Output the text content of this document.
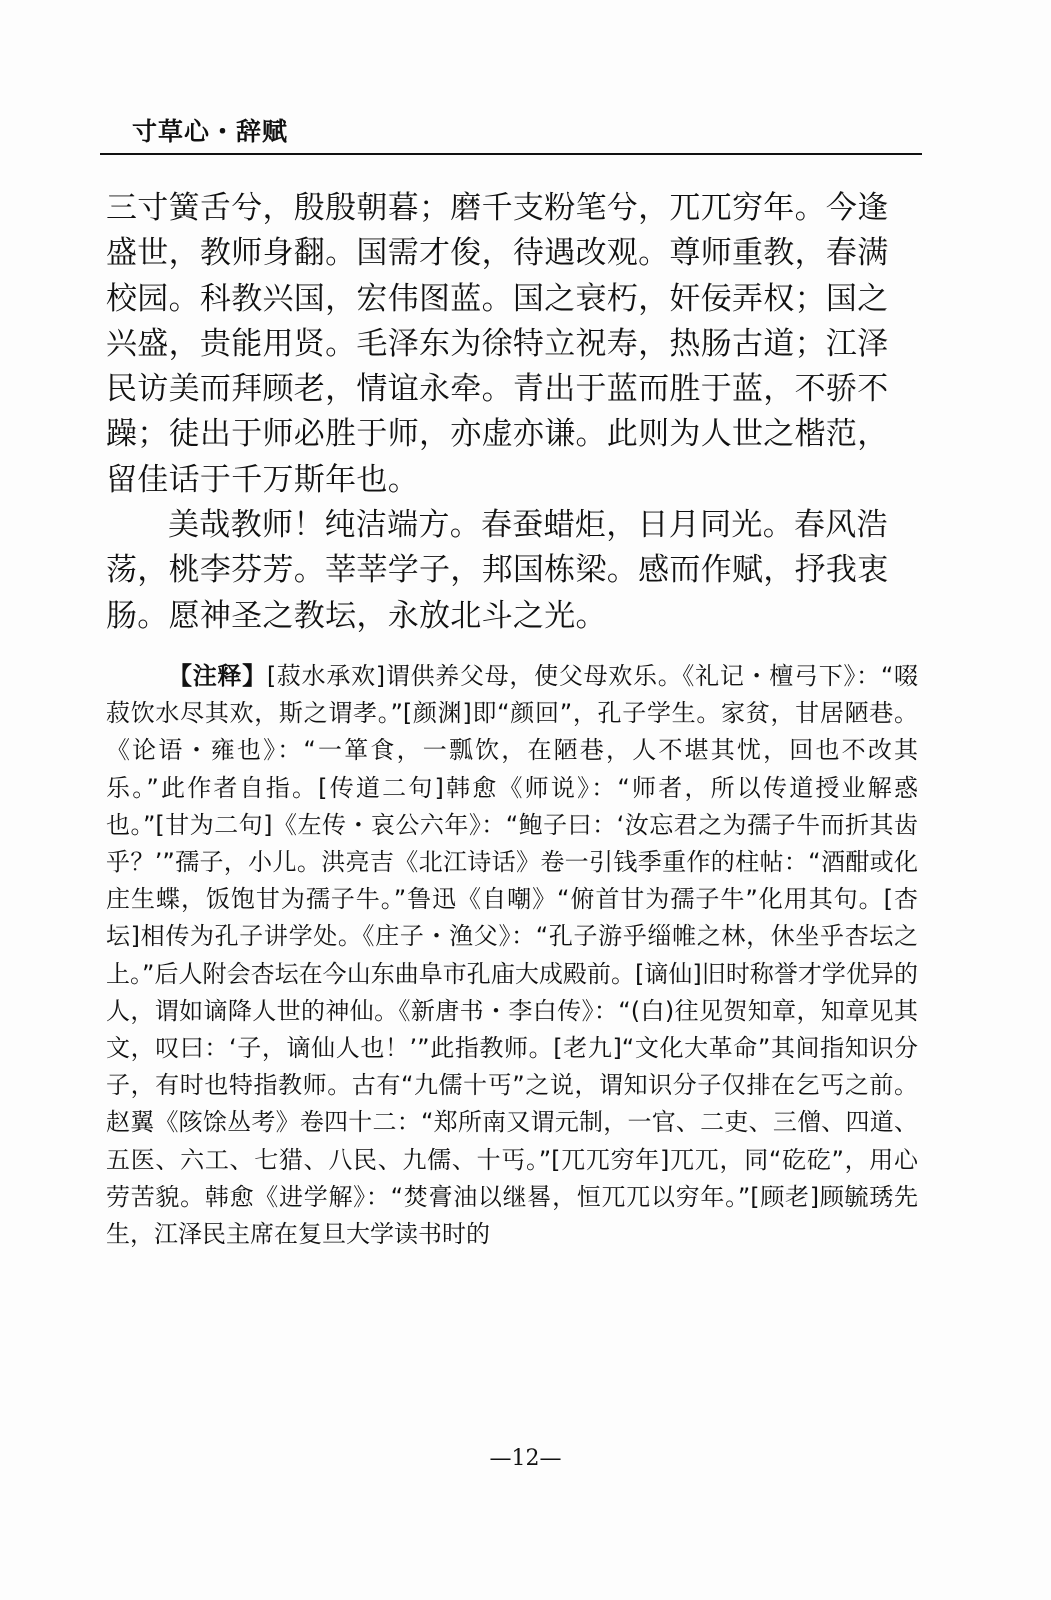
寸草心・辞赋

三寸簧舌兮，殷殷朝暮；磨千支粉笔兮，兀兀穷年。今逢盛世，教师身翻。国需才俊，待遇改观。尊师重教，春满校园。科教兴国，宏伟图蓝。国之衰朽，奸佞弄权；国之兴盛，贵能用贤。毛泽东为徐特立祝寿，热肠古道；江泽民访美而拜顾老，情谊永牵。青出于蓝而胜于蓝，不骄不躁；徒出于师必胜于师，亦虚亦谦。此则为人世之楷范，留佳话于千万斯年也。

美哉教师！纯洁端方。春蚕蜡炬，日月同光。春风浩荡，桃李芬芳。莘莘学子，邦国栋梁。感而作赋，抒我衷肠。愿神圣之教坛，永放北斗之光。

【注释】[菽水承欢]谓供养父母，使父母欢乐。《礼记・檀弓下》：“啜菽饮水尽其欢，斯之谓孝。”[颜渊]即“颜回”，孔子学生。家贫，甘居陋巷。《论语・雍也》：“一箪食，一瓢饮，在陋巷，人不堪其忧，回也不改其乐。”此作者自指。[传道二句]韩愈《师说》：“师者，所以传道授业解惑也。”[甘为二句]《左传・哀公六年》：“鲍子曰：‘汝忘君之为孺子牛而折其齿乎？’”孺子，小儿。洪亮吉《北江诗话》卷一引钱季重作的柱帖：“酒酣或化庄生蝶，饭饱甘为孺子牛。”鲁迅《自嘲》“俯首甘为孺子牛”化用其句。[杏坛]相传为孔子讲学处。《庄子・渔父》：“孔子游乎缁帷之林，休坐乎杏坛之上。”后人附会杏坛在今山东曲阜市孔庙大成殿前。[谪仙]旧时称誉才学优异的人，谓如谪降人世的神仙。《新唐书・李白传》：“(白)往见贺知章，知章见其文，叹曰：‘子，谪仙人也！’”此指教师。[老九]“文化大革命”其间指知识分子，有时也特指教师。古有“九儒十丐”之说，谓知识分子仅排在乞丐之前。赵翼《陔馀丛考》卷四十二：“郑所南又谓元制，一官、二吏、三僧、四道、五医、六工、七猎、八民、九儒、十丐。”[兀兀穷年]兀兀，同“矻矻”，用心劳苦貌。韩愈《进学解》：“焚膏油以继晷，恒兀兀以穷年。”[顾老]顾毓琇先生，江泽民主席在复旦大学读书时的

—12—
